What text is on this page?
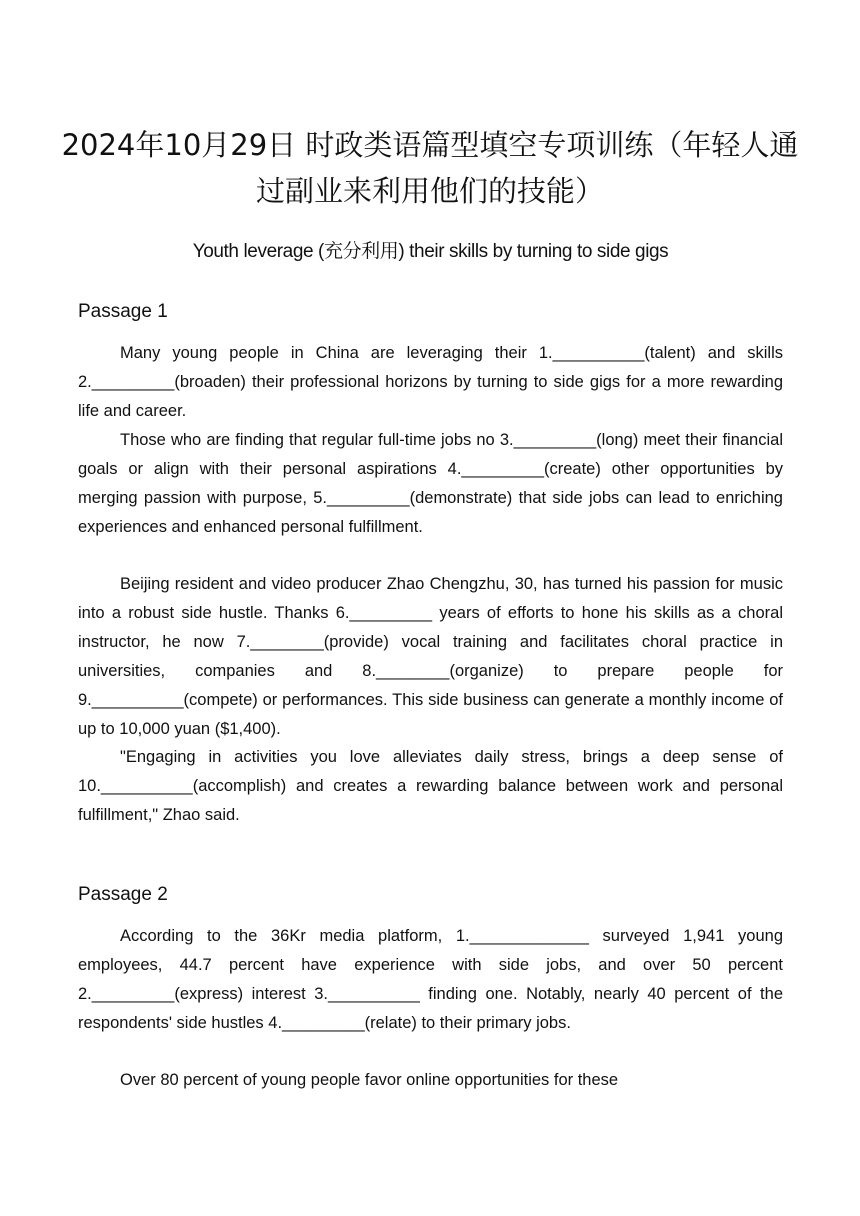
2024年10月29日 时政类语篇型填空专项训练（年轻人通过副业来利用他们的技能）
Youth leverage (充分利用) their skills by turning to side gigs
Passage 1

Many young people in China are leveraging their 1.__________(talent) and skills 2._________(broaden) their professional horizons by turning to side gigs for a more rewarding life and career.

Those who are finding that regular full-time jobs no 3._________(long) meet their financial goals or align with their personal aspirations 4._________(create) other opportunities by merging passion with purpose, 5._________(demonstrate) that side jobs can lead to enriching experiences and enhanced personal fulfillment.

Beijing resident and video producer Zhao Chengzhu, 30, has turned his passion for music into a robust side hustle. Thanks 6._________ years of efforts to hone his skills as a choral instructor, he now 7.________(provide) vocal training and facilitates choral practice in universities, companies and 8.________(organize) to prepare people for 9.__________(compete) or performances. This side business can generate a monthly income of up to 10,000 yuan ($1,400).

"Engaging in activities you love alleviates daily stress, brings a deep sense of 10.__________(accomplish) and creates a rewarding balance between work and personal fulfillment," Zhao said.

Passage 2

According to the 36Kr media platform, 1._____________ surveyed 1,941 young employees, 44.7 percent have experience with side jobs, and over 50 percent 2._________(express) interest 3.__________ finding one. Notably, nearly 40 percent of the respondents' side hustles 4._________(relate) to their primary jobs.

Over 80 percent of young people favor online opportunities for these
